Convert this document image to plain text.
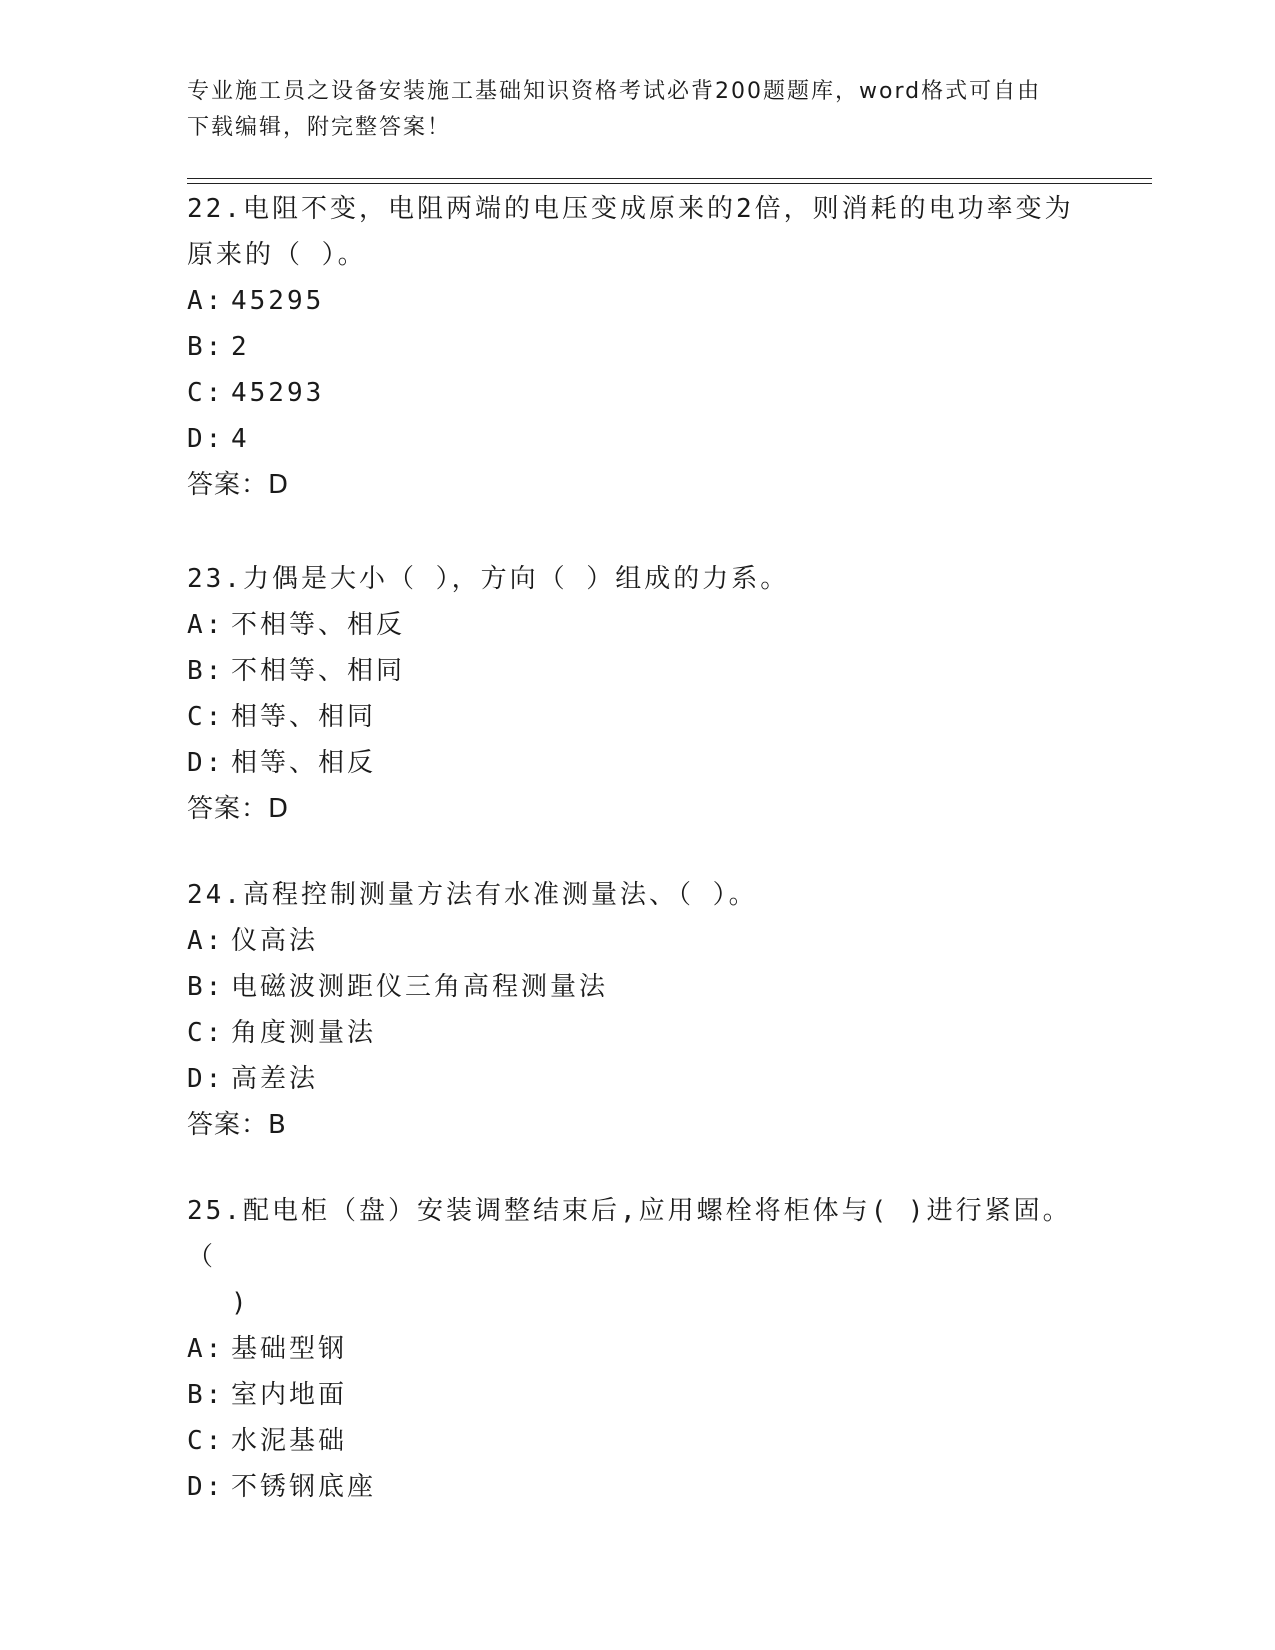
专业施工员之设备安装施工基础知识资格考试必背200题题库，word格式可自由
下载编辑，附完整答案！
22.电阻不变，电阻两端的电压变成原来的2倍，则消耗的电功率变为
原来的（ ）。
A: 45295
B: 2
C: 45293
D: 4
答案：D
23.力偶是大小（ ），方向（ ）组成的力系。
A: 不相等、相反
B: 不相等、相同
C: 相等、相同
D: 相等、相反
答案：D
24.高程控制测量方法有水准测量法、（ ）。
A: 仪高法
B: 电磁波测距仪三角高程测量法
C: 角度测量法
D: 高差法
答案：B
25.配电柜（盘）安装调整结束后,应用螺栓将柜体与( )进行紧固。（
)
A: 基础型钢
B: 室内地面
C: 水泥基础
D: 不锈钢底座
